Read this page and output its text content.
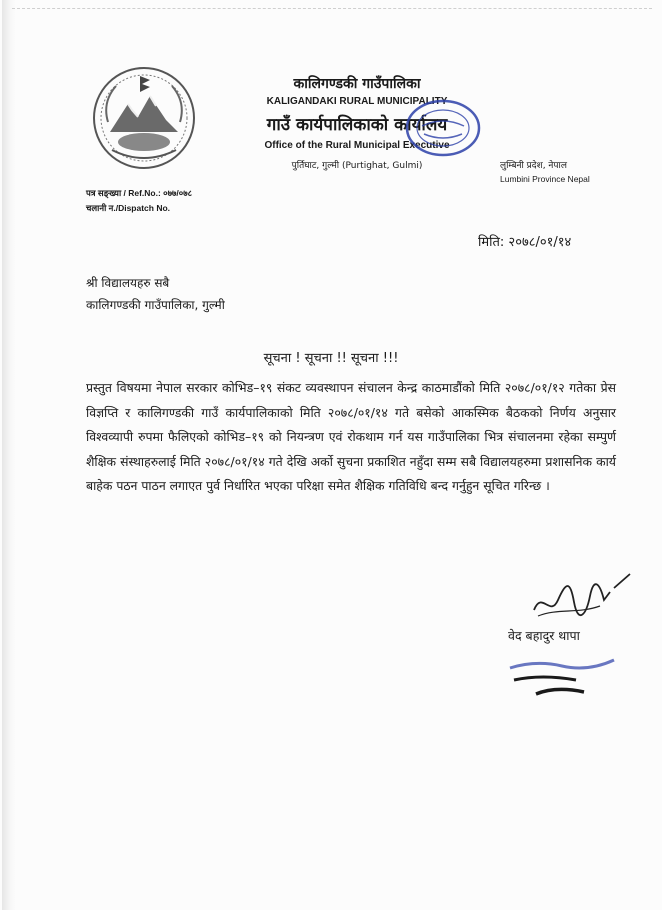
कालिगण्डकी गाउँपालिका
KALIGANDAKI RURAL MUNICIPALITY
गाउँ कार्यपालिकाको कार्यालय
Office of the Rural Municipal Executive
पुर्तिघाट, गुल्मी (Purtighat, Gulmi)	लुम्बिनी प्रदेश, नेपाल
Lumbini Province Nepal
पत्र सङ्ख्या / Ref.No.: ०७७/०७८
चलानी न./Dispatch No.
मिति: २०७८/०१/१४
श्री विद्यालयहरु सबै
कालिगण्डकी गाउँपालिका, गुल्मी
सूचना ! सूचना !! सूचना !!!
प्रस्तुत विषयमा नेपाल सरकार कोभिड–१९ संकट व्यवस्थापन संचालन केन्द्र काठमाडौंको मिति २०७८/०१/१२ गतेका प्रेस विज्ञप्ति र कालिगण्डकी गाउँ कार्यपालिकाको मिति २०७८/०१/१४ गते बसेको आकस्मिक बैठकको निर्णय अनुसार विश्वव्यापी रुपमा फैलिएको कोभिड–१९ को नियन्त्रण एवं रोकथाम गर्न यस गाउँपालिका भित्र संचालनमा रहेका सम्पुर्ण शैक्षिक संस्थाहरुलाई मिति २०७८/०१/१४ गते देखि अर्को सुचना प्रकाशित नहुँदा सम्म सबै विद्यालयहरुमा प्रशासनिक कार्य बाहेक पठन पाठन लगाएत पुर्व निर्धारित भएका परिक्षा समेत शैक्षिक गतिविधि बन्द गर्नुहुन सूचित गरिन्छ ।
वेद बहादुर थापा
